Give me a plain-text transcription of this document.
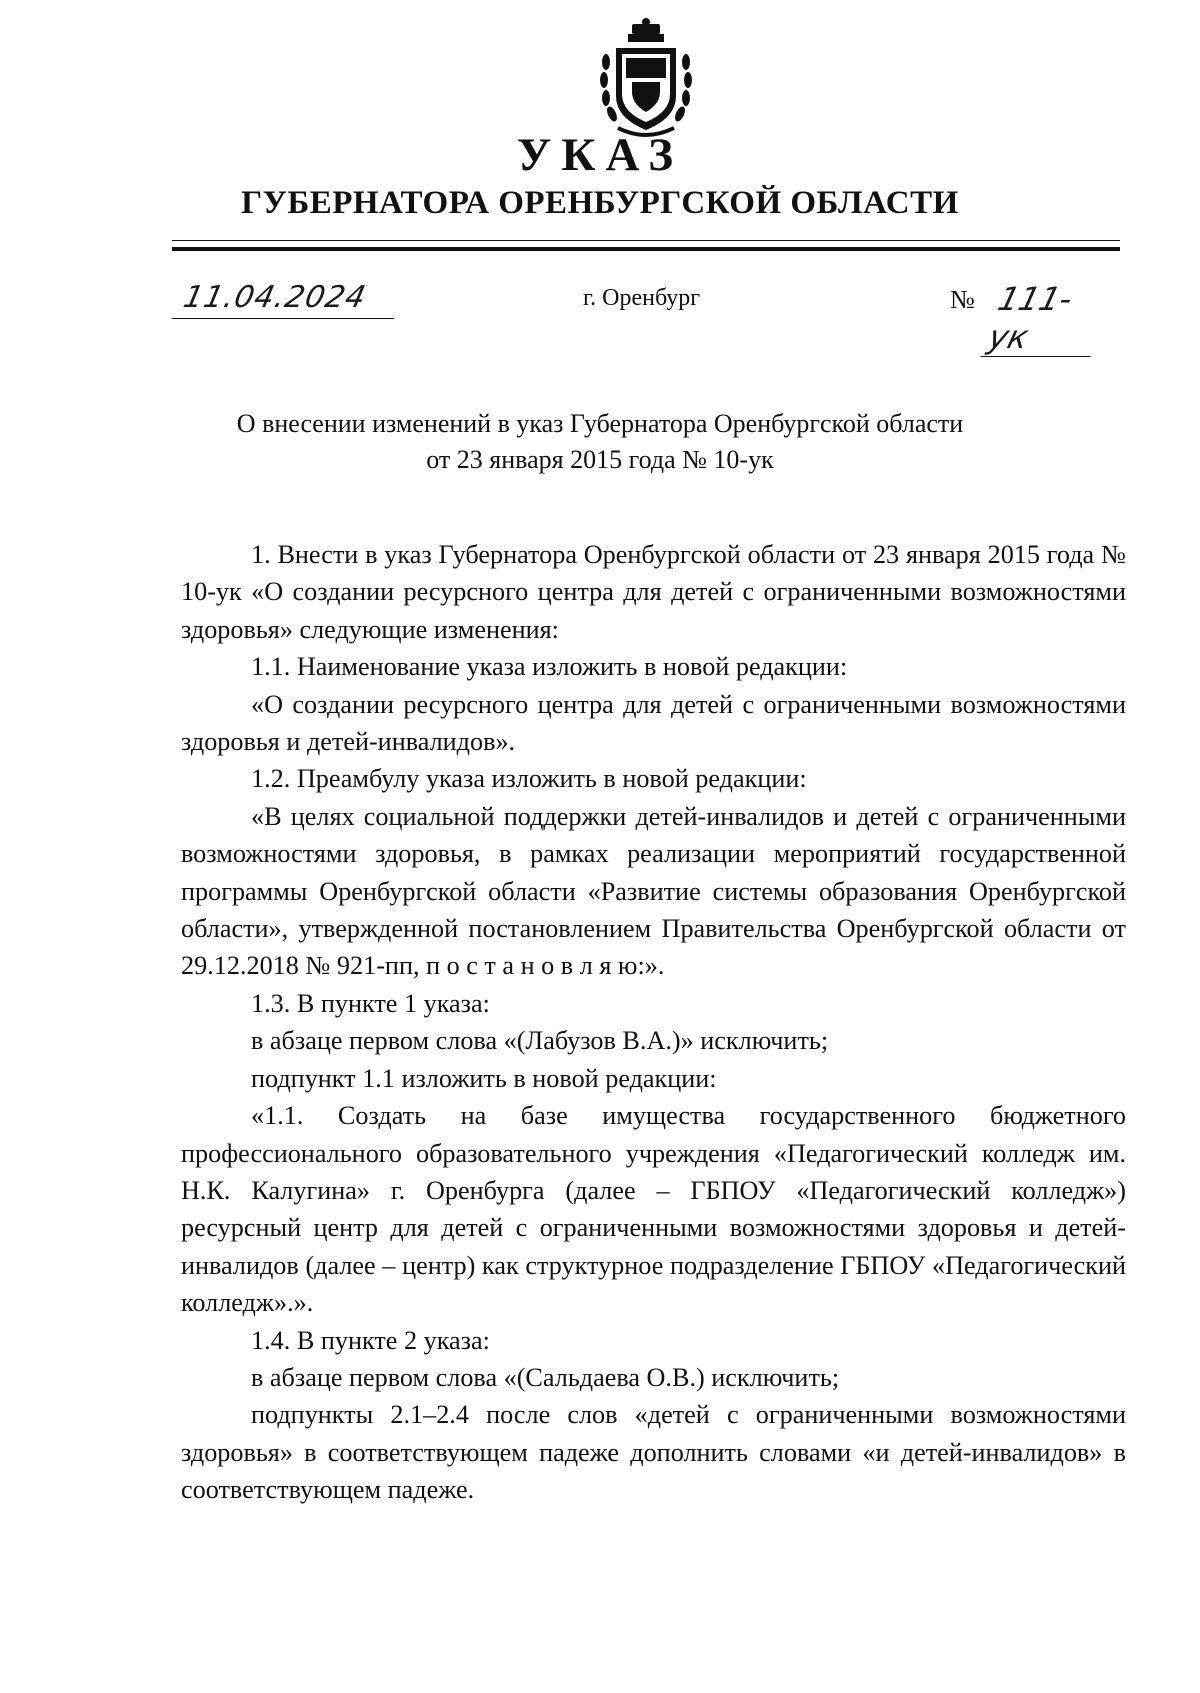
УКАЗ
ГУБЕРНАТОРА ОРЕНБУРГСКОЙ ОБЛАСТИ
11.04.2024	г. Оренбург	№ 111-ук
О внесении изменений в указ Губернатора Оренбургской области
от 23 января 2015 года № 10-ук

1. Внести в указ Губернатора Оренбургской области от 23 января 2015 года № 10-ук «О создании ресурсного центра для детей с ограниченными возможностями здоровья» следующие изменения:

1.1. Наименование указа изложить в новой редакции:

«О создании ресурсного центра для детей с ограниченными возможностями здоровья и детей-инвалидов».

1.2. Преамбулу указа изложить в новой редакции:

«В целях социальной поддержки детей-инвалидов и детей с ограниченными возможностями здоровья, в рамках реализации мероприятий государственной программы Оренбургской области «Развитие системы образования Оренбургской области», утвержденной постановлением Правительства Оренбургской области от 29.12.2018 № 921-пп, п о с т а н о в л я ю:».

1.3. В пункте 1 указа:

в абзаце первом слова «(Лабузов В.А.)» исключить;

подпункт 1.1 изложить в новой редакции:

«1.1. Создать на базе имущества государственного бюджетного профессионального образовательного учреждения «Педагогический колледж им. Н.К. Калугина» г. Оренбурга (далее – ГБПОУ «Педагогический колледж») ресурсный центр для детей с ограниченными возможностями здоровья и детей-инвалидов (далее – центр) как структурное подразделение ГБПОУ «Педагогический колледж».».

1.4. В пункте 2 указа:

в абзаце первом слова «(Сальдаева О.В.) исключить;

подпункты 2.1–2.4 после слов «детей с ограниченными возможностями здоровья» в соответствующем падеже дополнить словами «и детей-инвалидов» в соответствующем падеже.
